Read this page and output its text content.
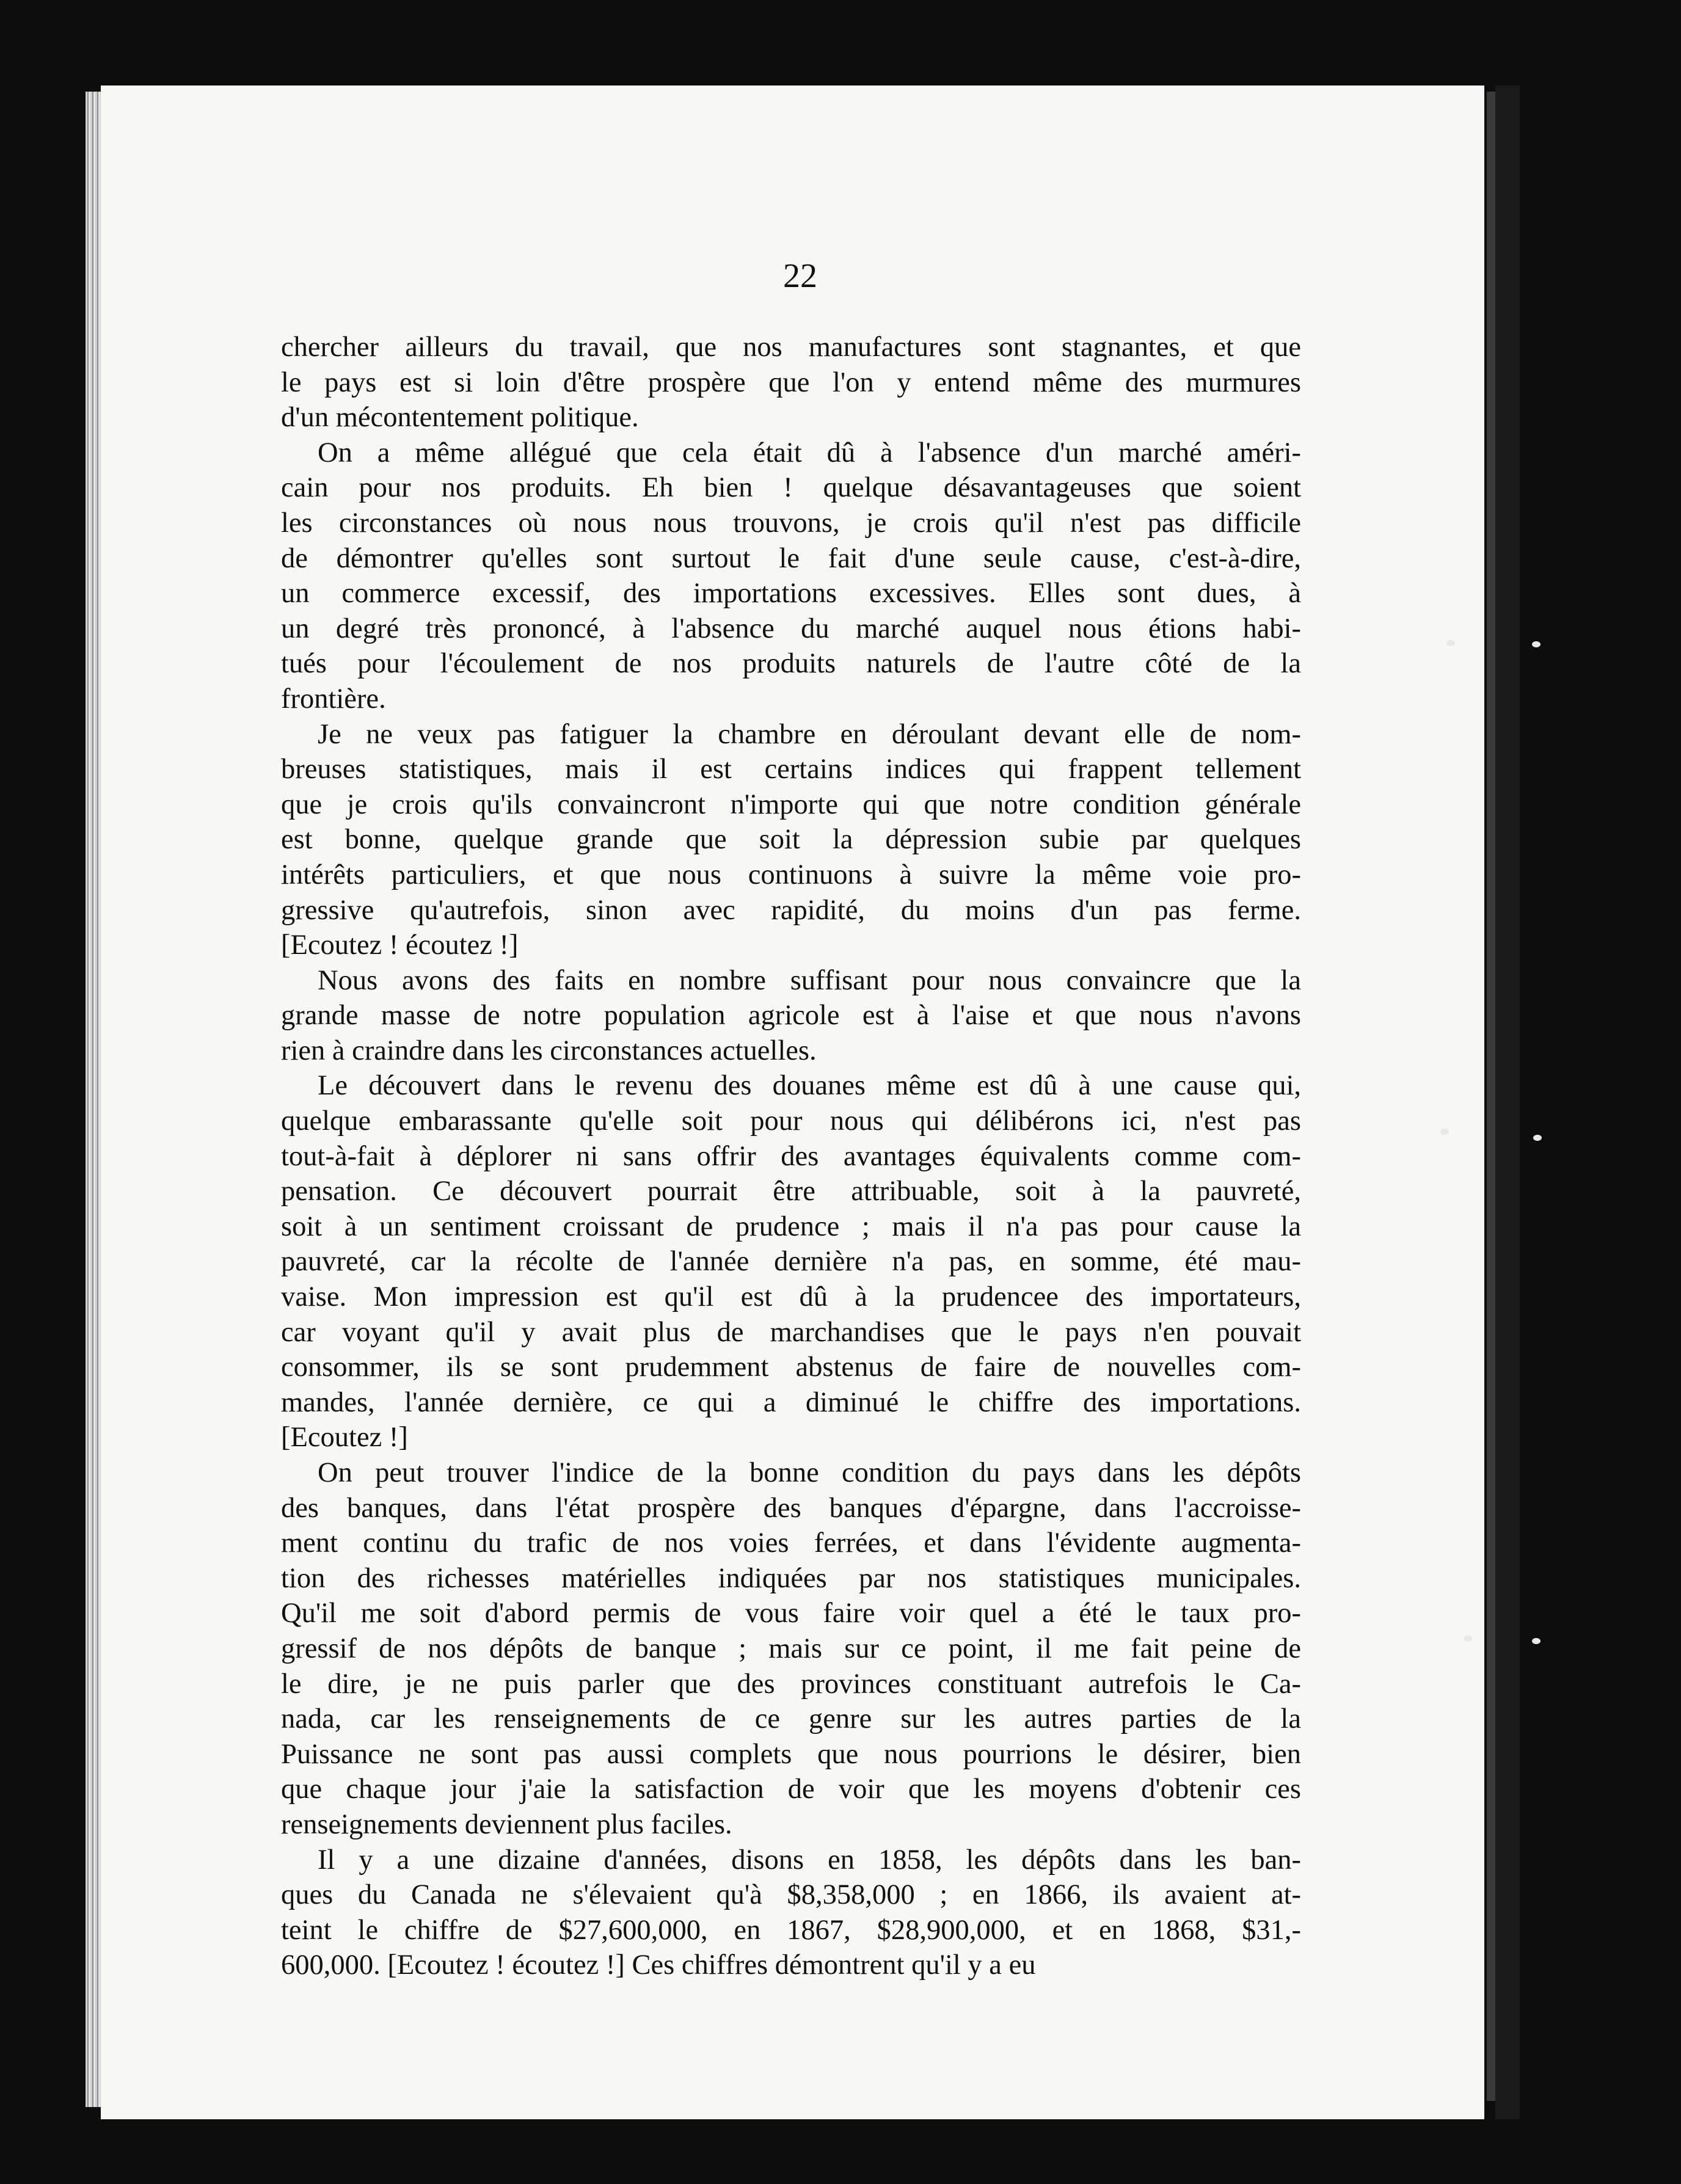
22
chercher ailleurs du travail, que nos manufactures sont stagnantes, et que
le pays est si loin d'être prospère que l'on y entend même des murmures
d'un mécontentement politique.
On a même allégué que cela était dû à l'absence d'un marché améri-
cain pour nos produits. Eh bien ! quelque désavantageuses que soient
les circonstances où nous nous trouvons, je crois qu'il n'est pas difficile
de démontrer qu'elles sont surtout le fait d'une seule cause, c'est-à-dire,
un commerce excessif, des importations excessives. Elles sont dues, à
un degré très prononcé, à l'absence du marché auquel nous étions habi-
tués pour l'écoulement de nos produits naturels de l'autre côté de la
frontière.
Je ne veux pas fatiguer la chambre en déroulant devant elle de nom-
breuses statistiques, mais il est certains indices qui frappent tellement
que je crois qu'ils convaincront n'importe qui que notre condition générale
est bonne, quelque grande que soit la dépression subie par quelques
intérêts particuliers, et que nous continuons à suivre la même voie pro-
gressive qu'autrefois, sinon avec rapidité, du moins d'un pas ferme.
[Ecoutez ! écoutez !]
Nous avons des faits en nombre suffisant pour nous convaincre que la
grande masse de notre population agricole est à l'aise et que nous n'avons
rien à craindre dans les circonstances actuelles.
Le découvert dans le revenu des douanes même est dû à une cause qui,
quelque embarassante qu'elle soit pour nous qui délibérons ici, n'est pas
tout-à-fait à déplorer ni sans offrir des avantages équivalents comme com-
pensation. Ce découvert pourrait être attribuable, soit à la pauvreté,
soit à un sentiment croissant de prudence ; mais il n'a pas pour cause la
pauvreté, car la récolte de l'année dernière n'a pas, en somme, été mau-
vaise. Mon impression est qu'il est dû à la prudencee des importateurs,
car voyant qu'il y avait plus de marchandises que le pays n'en pouvait
consommer, ils se sont prudemment abstenus de faire de nouvelles com-
mandes, l'année dernière, ce qui a diminué le chiffre des importations.
[Ecoutez !]
On peut trouver l'indice de la bonne condition du pays dans les dépôts
des banques, dans l'état prospère des banques d'épargne, dans l'accroisse-
ment continu du trafic de nos voies ferrées, et dans l'évidente augmenta-
tion des richesses matérielles indiquées par nos statistiques municipales.
Qu'il me soit d'abord permis de vous faire voir quel a été le taux pro-
gressif de nos dépôts de banque ; mais sur ce point, il me fait peine de
le dire, je ne puis parler que des provinces constituant autrefois le Ca-
nada, car les renseignements de ce genre sur les autres parties de la
Puissance ne sont pas aussi complets que nous pourrions le désirer, bien
que chaque jour j'aie la satisfaction de voir que les moyens d'obtenir ces
renseignements deviennent plus faciles.
Il y a une dizaine d'années, disons en 1858, les dépôts dans les ban-
ques du Canada ne s'élevaient qu'à $8,358,000 ; en 1866, ils avaient at-
teint le chiffre de $27,600,000, en 1867, $28,900,000, et en 1868, $31,-
600,000. [Ecoutez ! écoutez !] Ces chiffres démontrent qu'il y a eu
